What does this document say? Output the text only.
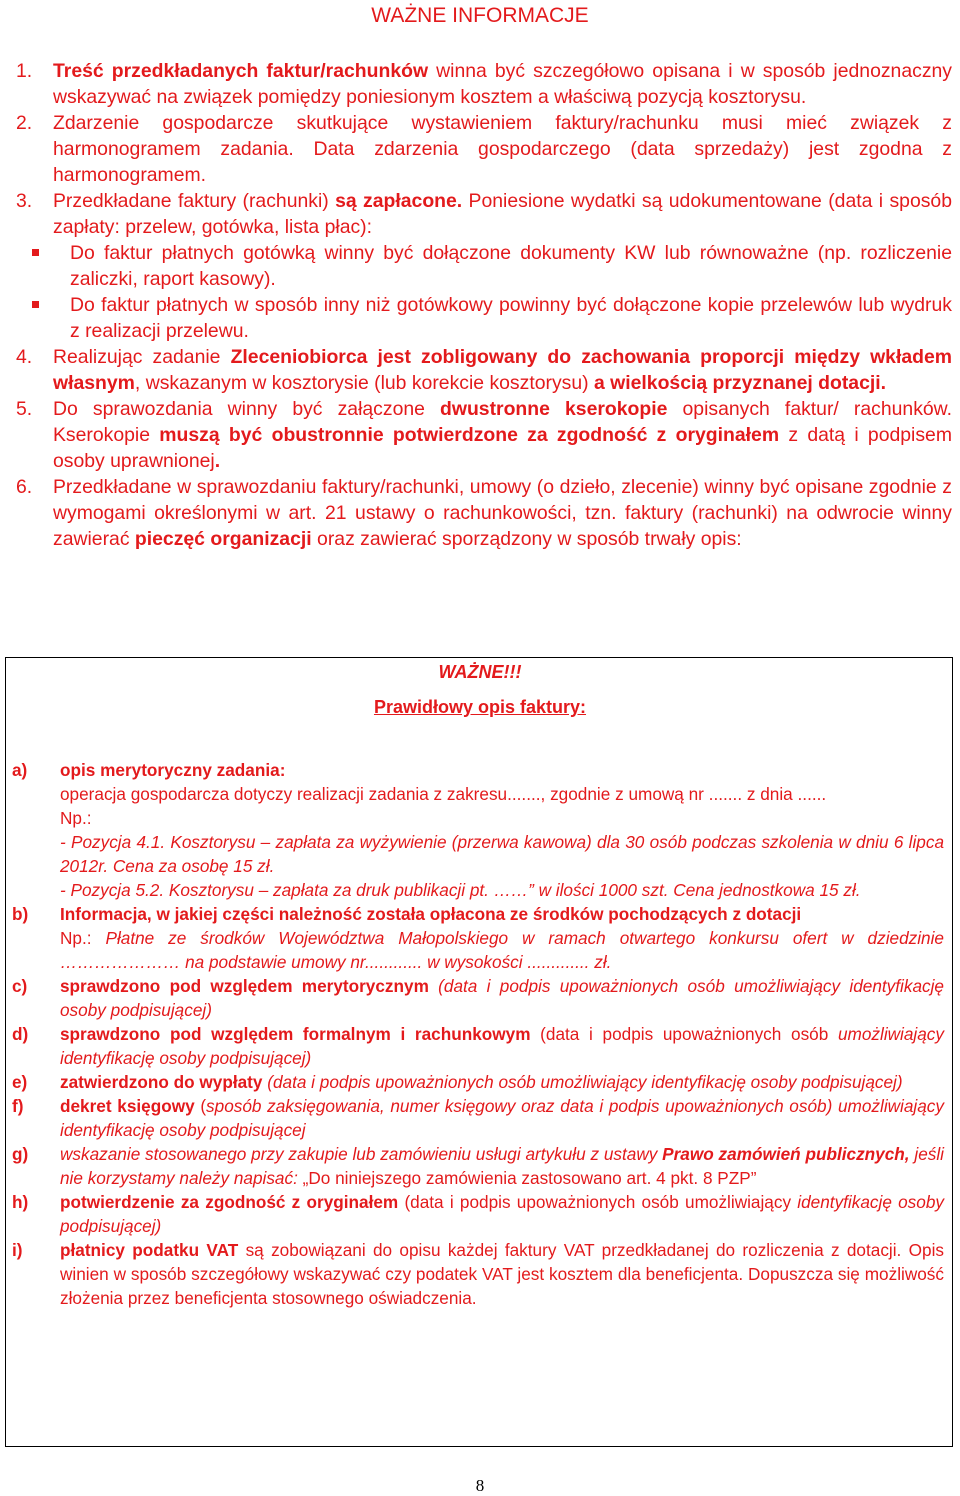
WAŻNE INFORMACJE
1. Treść przedkładanych faktur/rachunków winna być szczegółowo opisana i w sposób jednoznaczny wskazywać na związek pomiędzy poniesionym kosztem a właściwą pozycją kosztorysu.
2. Zdarzenie gospodarcze skutkujące wystawieniem faktury/rachunku musi mieć związek z harmonogramem zadania. Data zdarzenia gospodarczego (data sprzedaży) jest zgodna z harmonogramem.
3. Przedkładane faktury (rachunki) są zapłacone. Poniesione wydatki są udokumentowane (data i sposób zapłaty: przelew, gotówka, lista płac):
Do faktur płatnych gotówką winny być dołączone dokumenty KW lub równoważne (np. rozliczenie zaliczki, raport kasowy).
Do faktur płatnych w sposób inny niż gotówkowy powinny być dołączone kopie przelewów lub wydruk z realizacji przelewu.
4. Realizując zadanie Zleceniobiorca jest zobligowany do zachowania proporcji między wkładem własnym, wskazanym w kosztorysie (lub korekcie kosztorysu) a wielkością przyznanej dotacji.
5. Do sprawozdania winny być załączone dwustronne kserokopie opisanych faktur/ rachunków. Kserokopie muszą być obustronnie potwierdzone za zgodność z oryginałem z datą i podpisem osoby uprawnionej.
6. Przedkładane w sprawozdaniu faktury/rachunki, umowy (o dzieło, zlecenie) winny być opisane zgodnie z wymogami określonymi w art. 21 ustawy o rachunkowości, tzn. faktury (rachunki) na odwrocie winny zawierać pieczęć organizacji oraz zawierać sporządzony w sposób trwały opis:
WAŻNE!!!
Prawidłowy opis faktury:
a) opis merytoryczny zadania:
operacja gospodarcza dotyczy realizacji zadania z zakresu......., zgodnie z umową nr ....... z dnia ......
Np.:
- Pozycja 4.1. Kosztorysu – zapłata za wyżywienie (przerwa kawowa) dla 30 osób podczas szkolenia w dniu 6 lipca 2012r. Cena za osobę 15 zł.
- Pozycja 5.2. Kosztorysu – zapłata za druk publikacji pt. ……” w ilości 1000 szt. Cena jednostkowa 15 zł.
b) Informacja, w jakiej części należność została opłacona ze środków pochodzących z dotacji
Np.: Płatne ze środków Województwa Małopolskiego w ramach otwartego konkursu ofert w dziedzinie ………………… na podstawie umowy nr............ w wysokości ............. zł.
c) sprawdzono pod względem merytorycznym (data i podpis upoważnionych osób umożliwiający identyfikację osoby podpisującej)
d) sprawdzono pod względem formalnym i rachunkowym (data i podpis upoważnionych osób umożliwiający identyfikację osoby podpisującej)
e) zatwierdzono do wypłaty (data i podpis upoważnionych osób umożliwiający identyfikację osoby podpisującej)
f) dekret księgowy (sposób zaksięgowania, numer księgowy oraz data i podpis upoważnionych osób) umożliwiający identyfikację osoby podpisującej
g) wskazanie stosowanego przy zakupie lub zamówieniu usługi artykułu z ustawy Prawo zamówień publicznych, jeśli nie korzystamy należy napisać: „Do niniejszego zamówienia zastosowano art. 4 pkt. 8 PZP”
h) potwierdzenie za zgodność z oryginałem (data i podpis upoważnionych osób umożliwiający identyfikację osoby podpisującej)
i) płatnicy podatku VAT są zobowiązani do opisu każdej faktury VAT przedkładanej do rozliczenia z dotacji. Opis winien w sposób szczegółowy wskazywać czy podatek VAT jest kosztem dla beneficjenta. Dopuszcza się możliwość złożenia przez beneficjenta stosownego oświadczenia.
8
